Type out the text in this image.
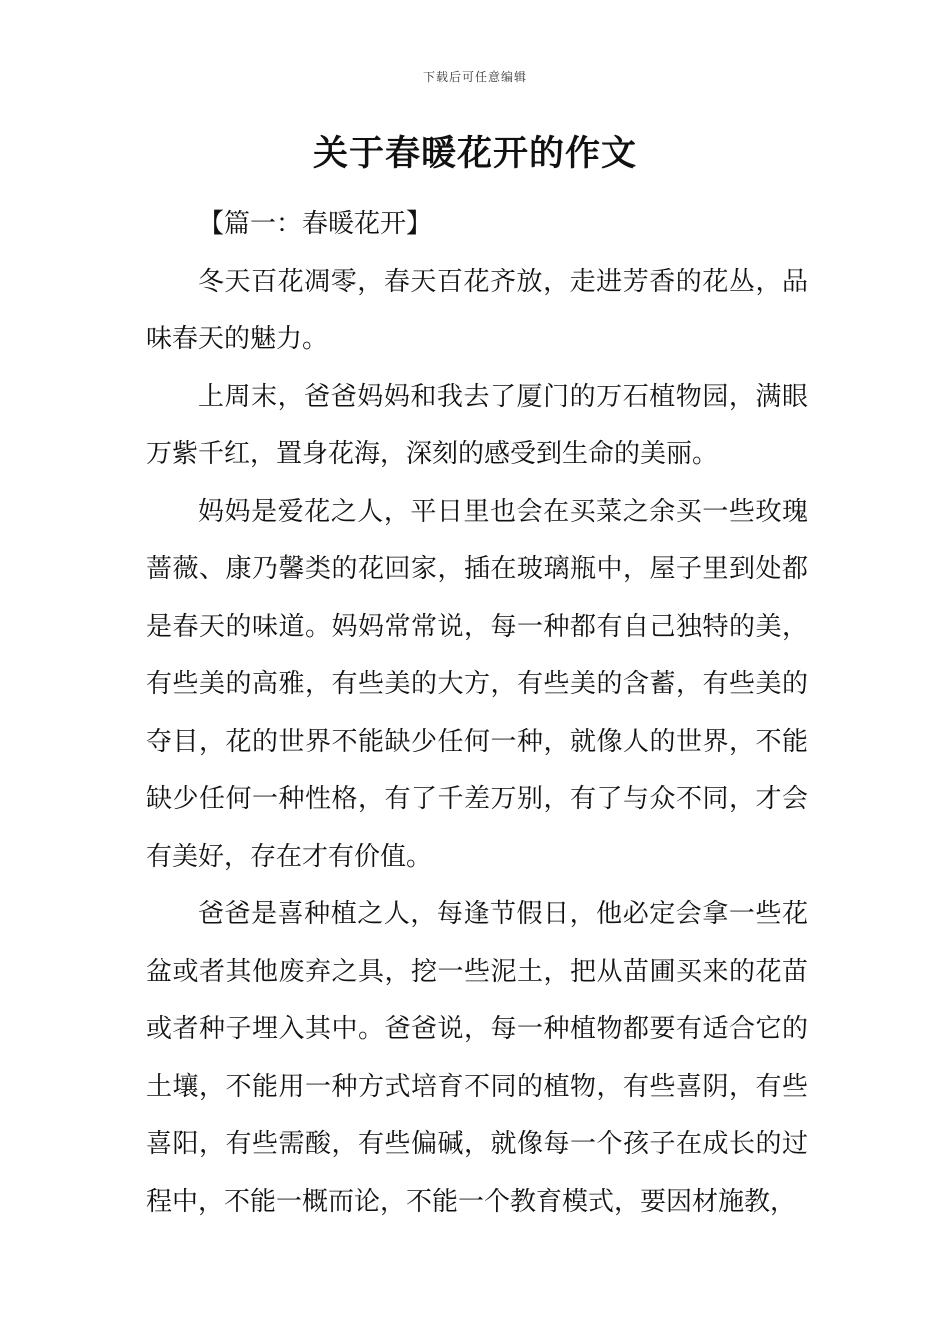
下载后可任意编辑
关于春暖花开的作文

【篇一：春暖花开】

冬天百花凋零，春天百花齐放，走进芳香的花丛，品味春天的魅力。

上周末，爸爸妈妈和我去了厦门的万石植物园，满眼万紫千红，置身花海，深刻的感受到生命的美丽。

妈妈是爱花之人，平日里也会在买菜之余买一些玫瑰蔷薇、康乃馨类的花回家，插在玻璃瓶中，屋子里到处都是春天的味道。妈妈常常说，每一种都有自己独特的美，有些美的高雅，有些美的大方，有些美的含蓄，有些美的夺目，花的世界不能缺少任何一种，就像人的世界，不能缺少任何一种性格，有了千差万别，有了与众不同，才会有美好，存在才有价值。

爸爸是喜种植之人，每逢节假日，他必定会拿一些花盆或者其他废弃之具，挖一些泥土，把从苗圃买来的花苗或者种子埋入其中。爸爸说，每一种植物都要有适合它的土壤，不能用一种方式培育不同的植物，有些喜阴，有些喜阳，有些需酸，有些偏碱，就像每一个孩子在成长的过程中，不能一概而论，不能一个教育模式，要因材施教，
